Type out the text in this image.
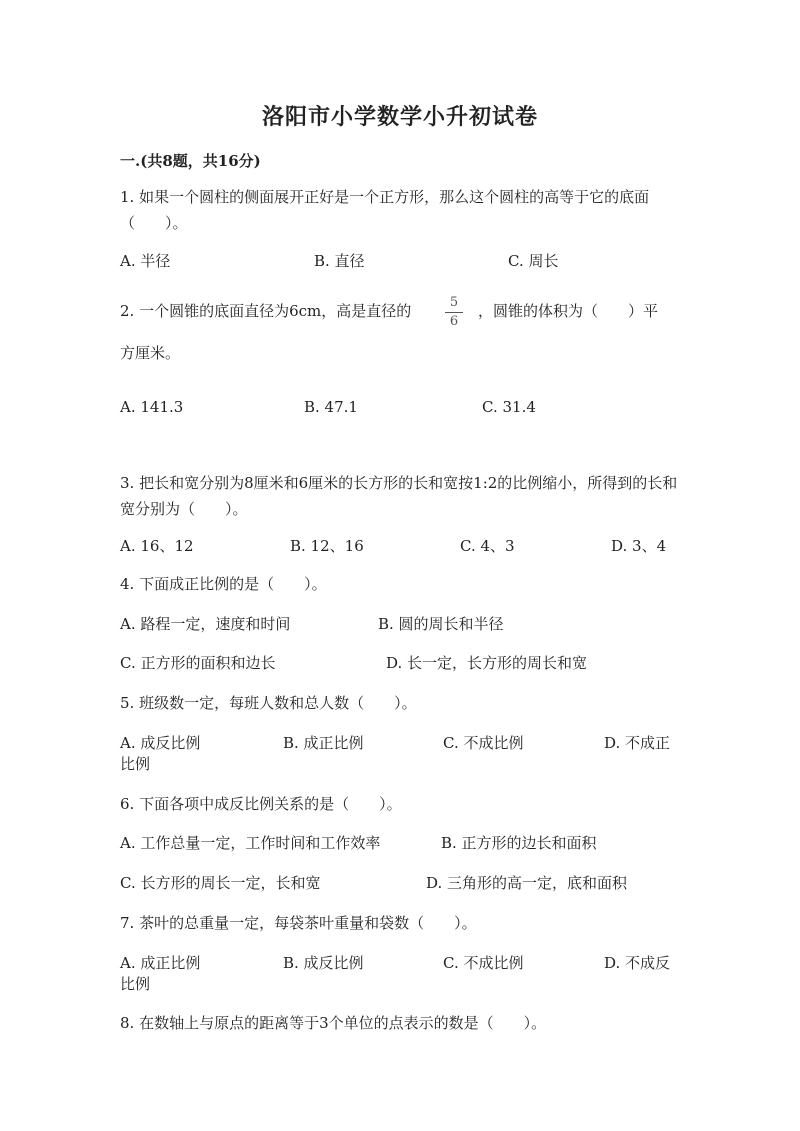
洛阳市小学数学小升初试卷
一.(共8题，共16分)
1. 如果一个圆柱的侧面展开正好是一个正方形，那么这个圆柱的高等于它的底面（　　）。
A. 半径	B. 直径	C. 周长
2. 一个圆锥的底面直径为6cm，高是直径的	5
6
，圆锥的体积为（　　）平
方厘米。
A. 141.3	B. 47.1	C. 31.4
3. 把长和宽分别为8厘米和6厘米的长方形的长和宽按1:2的比例缩小，所得到的长和宽分别为（　　）。
A. 16、12	B. 12、16	C. 4、3	D. 3、4
4. 下面成正比例的是（　　）。
A. 路程一定，速度和时间	B. 圆的周长和半径
C. 正方形的面积和边长	D. 长一定，长方形的周长和宽
5. 班级数一定，每班人数和总人数（　　）。
A. 成反比例	B. 成正比例	C. 不成比例	D. 不成正
比例
6. 下面各项中成反比例关系的是（　　）。
A. 工作总量一定，工作时间和工作效率	B. 正方形的边长和面积
C. 长方形的周长一定，长和宽	D. 三角形的高一定，底和面积
7. 茶叶的总重量一定，每袋茶叶重量和袋数（　　）。
A. 成正比例	B. 成反比例	C. 不成比例	D. 不成反
比例
8. 在数轴上与原点的距离等于3个单位的点表示的数是（　　）。
